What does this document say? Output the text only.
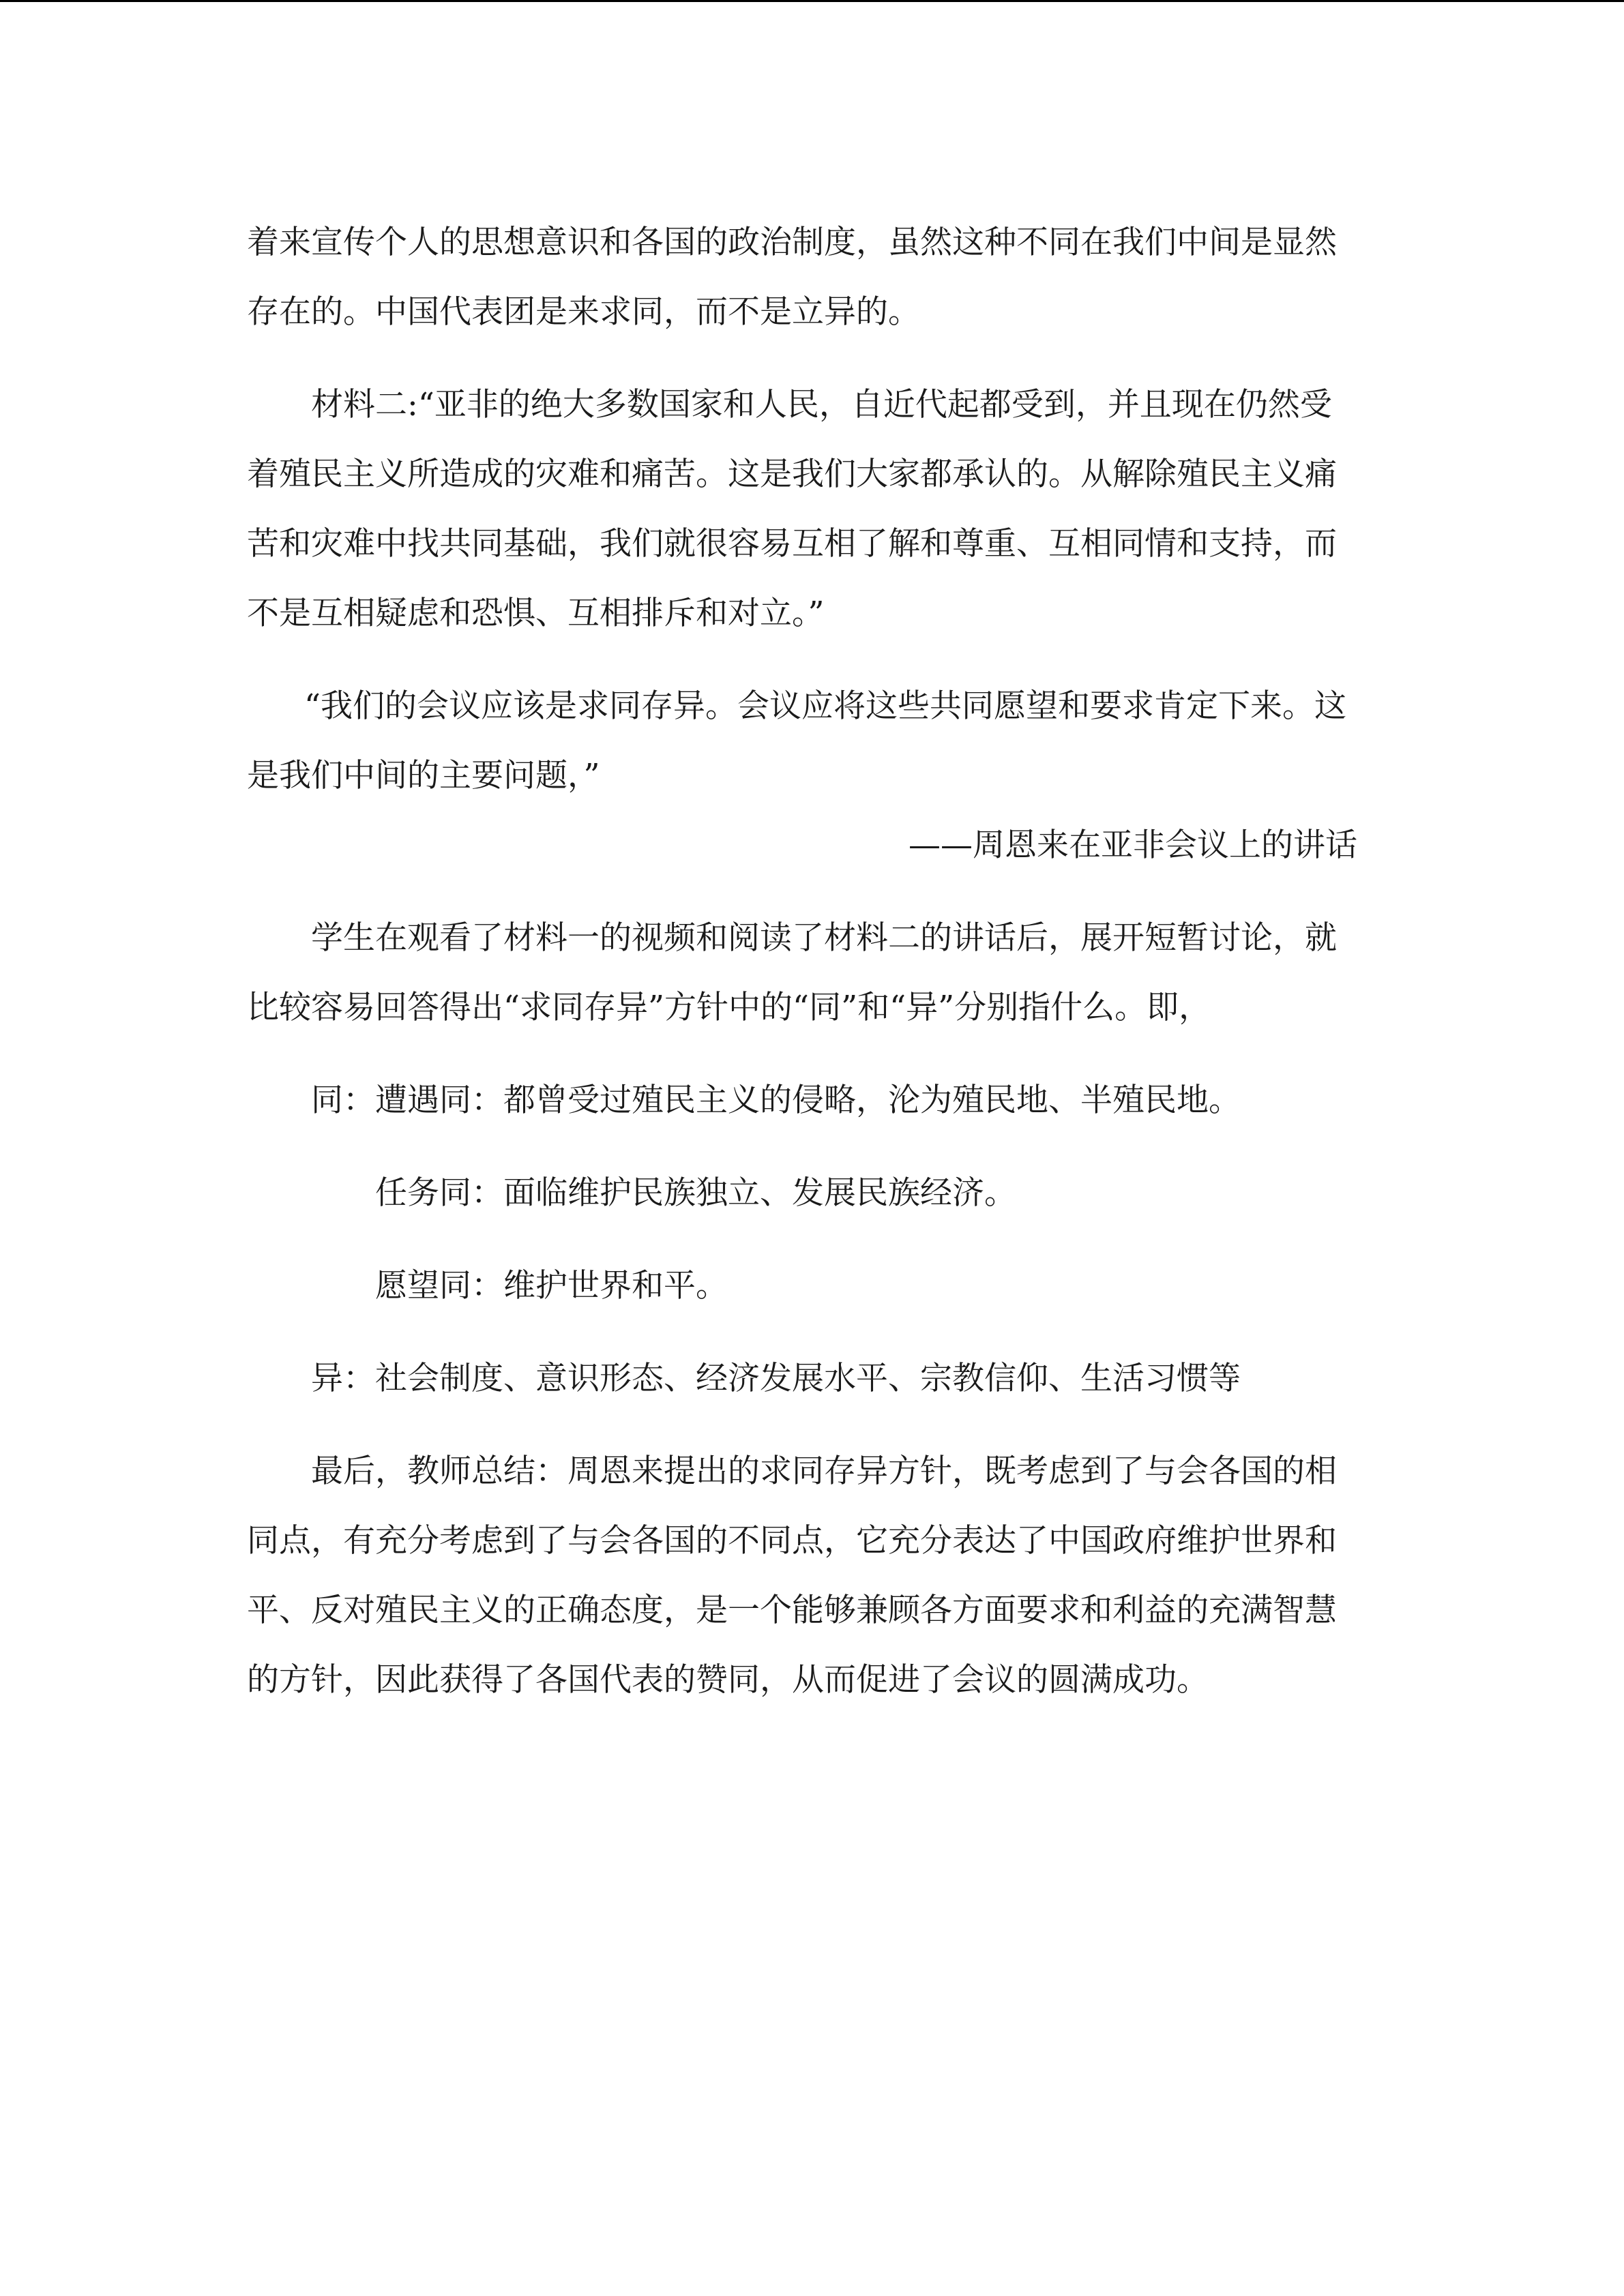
着来宣传个人的思想意识和各国的政治制度，虽然这种不同在我们中间是显然
存在的。中国代表团是来求同，而不是立异的。
材料二:“亚非的绝大多数国家和人民，自近代起都受到，并且现在仍然受
着殖民主义所造成的灾难和痛苦。这是我们大家都承认的。从解除殖民主义痛
苦和灾难中找共同基础，我们就很容易互相了解和尊重、互相同情和支持，而
不是互相疑虑和恐惧、互相排斥和对立。”
“我们的会议应该是求同存异。会议应将这些共同愿望和要求肯定下来。这
是我们中间的主要问题，”
——周恩来在亚非会议上的讲话
学生在观看了材料一的视频和阅读了材料二的讲话后，展开短暂讨论，就
比较容易回答得出“求同存异”方针中的“同”和“异”分别指什么。即，
同：遭遇同：都曾受过殖民主义的侵略，沦为殖民地、半殖民地。
任务同：面临维护民族独立、发展民族经济。
愿望同：维护世界和平。
异：社会制度、意识形态、经济发展水平、宗教信仰、生活习惯等
最后，教师总结：周恩来提出的求同存异方针，既考虑到了与会各国的相
同点，有充分考虑到了与会各国的不同点，它充分表达了中国政府维护世界和
平、反对殖民主义的正确态度，是一个能够兼顾各方面要求和利益的充满智慧
的方针，因此获得了各国代表的赞同，从而促进了会议的圆满成功。
